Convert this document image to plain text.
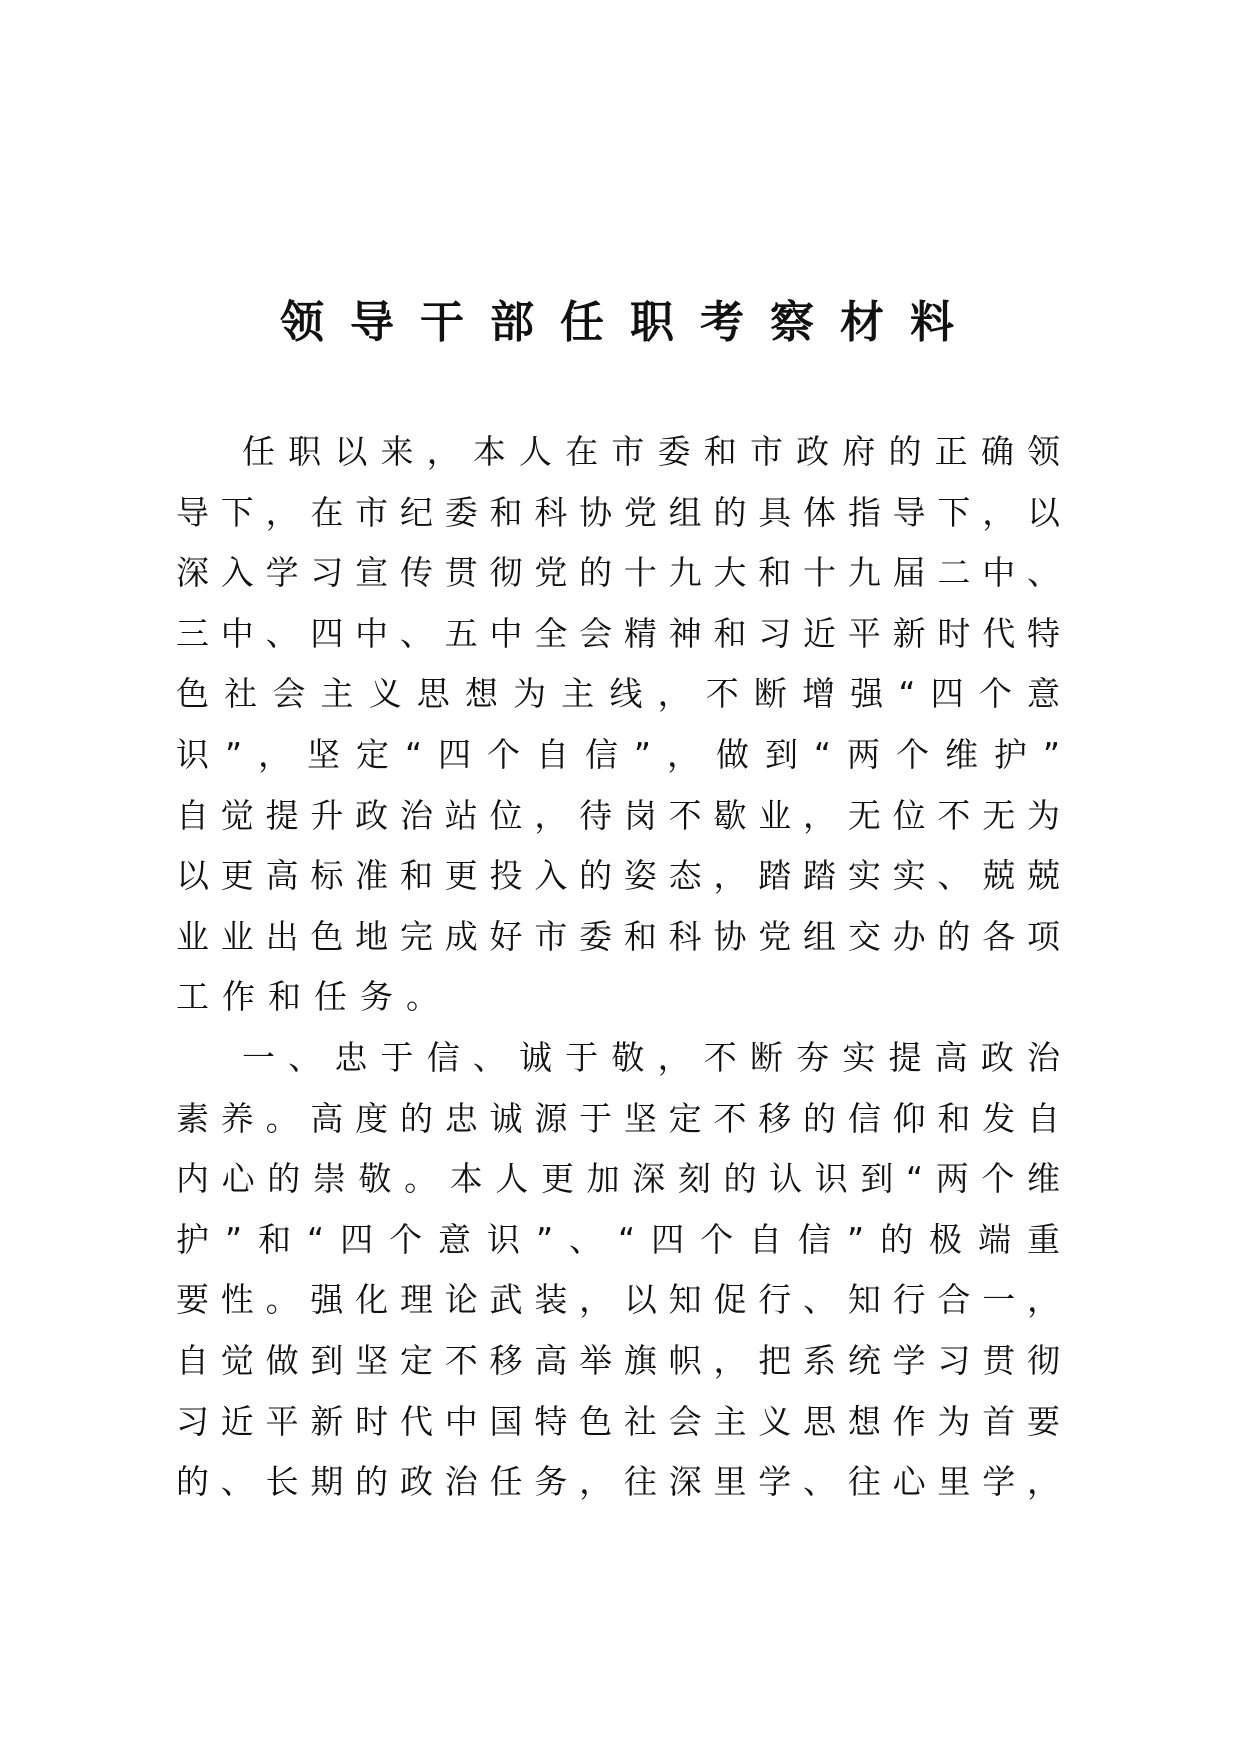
领导干部任职考察材料
任职以来，本人在市委和市政府的正确领
导下，在市纪委和科协党组的具体指导下，以
深入学习宣传贯彻党的十九大和十九届二中、
三中、四中、五中全会精神和习近平新时代特
色社会主义思想为主线，不断增强“四个意
识”，坚定“四个自信”，做到“两个维护”
自觉提升政治站位，待岗不歇业，无位不无为
以更高标准和更投入的姿态，踏踏实实、兢兢
业业出色地完成好市委和科协党组交办的各项
工作和任务。
一、忠于信、诚于敬，不断夯实提高政治
素养。高度的忠诚源于坚定不移的信仰和发自
内心的崇敬。本人更加深刻的认识到“两个维
护”和“四个意识”、“四个自信”的极端重
要性。强化理论武装，以知促行、知行合一，
自觉做到坚定不移高举旗帜，把系统学习贯彻
习近平新时代中国特色社会主义思想作为首要
的、长期的政治任务，往深里学、往心里学，
